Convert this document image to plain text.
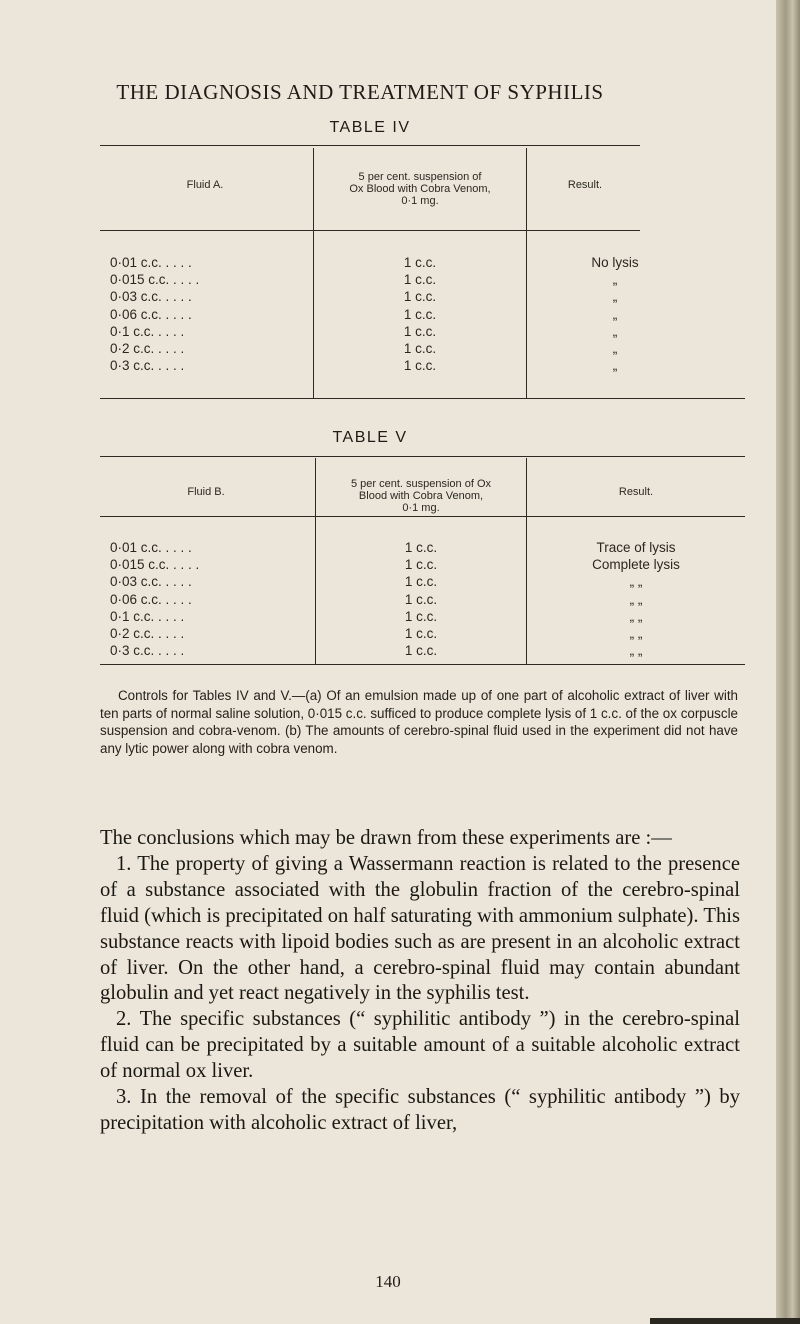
THE DIAGNOSIS AND TREATMENT OF SYPHILIS
TABLE IV
Fluid A.
5 per cent. suspension of
Ox Blood with Cobra Venom,
0·1 mg.
Result.
0·01 c.c. . . . .
0·015 c.c. . . . .
0·03 c.c. . . . .
0·06 c.c. . . . .
0·1 c.c. . . . .
0·2 c.c. . . . .
0·3 c.c. . . . .
1 c.c.
1 c.c.
1 c.c.
1 c.c.
1 c.c.
1 c.c.
1 c.c.
No lysis
„
„
„
„
„
„
TABLE V
Fluid B.
5 per cent. suspension of Ox
Blood with Cobra Venom,
0·1 mg.
Result.
0·01 c.c. . . . .
0·015 c.c. . . . .
0·03 c.c. . . . .
0·06 c.c. . . . .
0·1 c.c. . . . .
0·2 c.c. . . . .
0·3 c.c. . . . .
1 c.c.
1 c.c.
1 c.c.
1 c.c.
1 c.c.
1 c.c.
1 c.c.
Trace of lysis
Complete lysis
„ „
„ „
„ „
„ „
„ „

Controls for Tables IV and V.—(a) Of an emulsion made up of one part of alcoholic extract of liver with ten parts of normal saline solution, 0·015 c.c. sufficed to produce complete lysis of 1 c.c. of the ox corpuscle suspension and cobra-venom. (b) The amounts of cerebro-spinal fluid used in the experiment did not have any lytic power along with cobra venom.

The conclusions which may be drawn from these experiments are :—

1. The property of giving a Wassermann reaction is related to the presence of a substance associated with the globulin fraction of the cerebro-spinal fluid (which is precipitated on half saturating with ammonium sulphate). This substance reacts with lipoid bodies such as are present in an alcoholic extract of liver. On the other hand, a cerebro-spinal fluid may contain abundant globulin and yet react negatively in the syphilis test.

2. The specific substances (“ syphilitic antibody ”) in the cerebro-spinal fluid can be precipitated by a suitable amount of a suitable alcoholic extract of normal ox liver.

3. In the removal of the specific substances (“ syphilitic antibody ”) by precipitation with alcoholic extract of liver,

140
